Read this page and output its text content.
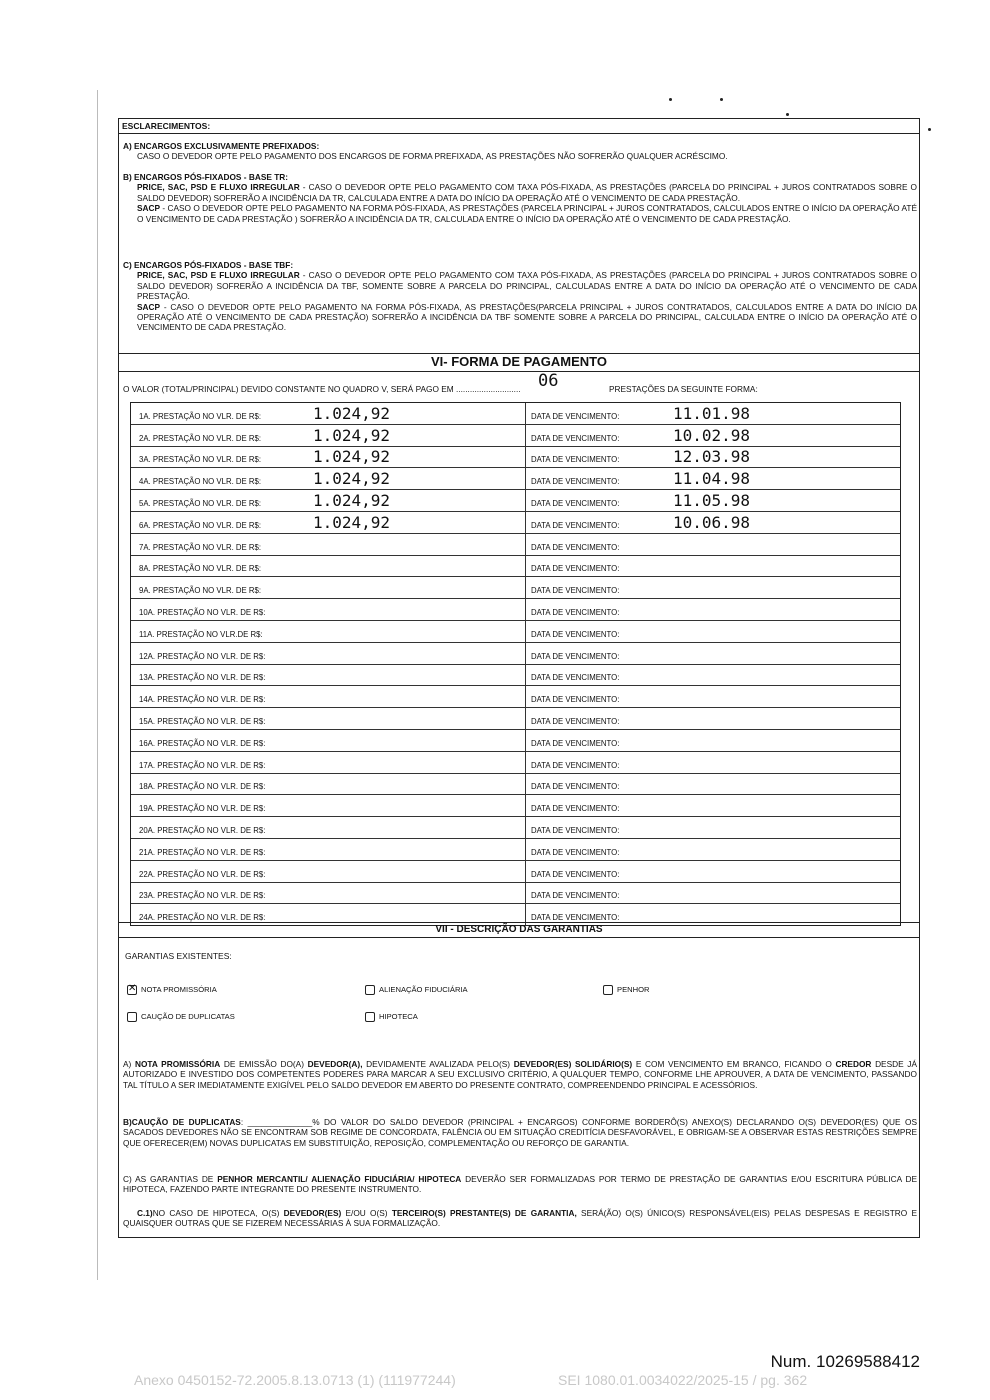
ESCLARECIMENTOS:
A) ENCARGOS EXCLUSIVAMENTE PREFIXADOS:
CASO O DEVEDOR OPTE PELO PAGAMENTO DOS ENCARGOS DE FORMA PREFIXADA, AS PRESTAÇÕES NÃO SOFRERÃO QUALQUER ACRÉSCIMO.
B) ENCARGOS PÓS-FIXADOS - BASE TR:
PRICE, SAC, PSD E FLUXO IRREGULAR - CASO O DEVEDOR OPTE PELO PAGAMENTO COM TAXA PÓS-FIXADA, AS PRESTAÇÕES (PARCELA DO PRINCIPAL + JUROS CONTRATADOS SOBRE O SALDO DEVEDOR) SOFRERÃO A INCIDÊNCIA DA TR, CALCULADA ENTRE A DATA DO INÍCIO DA OPERAÇÃO ATÉ O VENCIMENTO DE CADA PRESTAÇÃO.
SACP - CASO O DEVEDOR OPTE PELO PAGAMENTO NA FORMA PÓS-FIXADA, AS PRESTAÇÕES (PARCELA PRINCIPAL + JUROS CONTRATADOS, CALCULADOS ENTRE O INÍCIO DA OPERAÇÃO ATÉ O VENCIMENTO DE CADA PRESTAÇÃO ) SOFRERÃO A INCIDÊNCIA DA TR, CALCULADA ENTRE O INÍCIO DA OPERAÇÃO ATÉ O VENCIMENTO DE CADA PRESTAÇÃO.
C) ENCARGOS PÓS-FIXADOS - BASE TBF:
PRICE, SAC, PSD E FLUXO IRREGULAR - CASO O DEVEDOR OPTE PELO PAGAMENTO COM TAXA PÓS-FIXADA, AS PRESTAÇÕES (PARCELA DO PRINCIPAL + JUROS CONTRATADOS SOBRE O SALDO DEVEDOR) SOFRERÃO A INCIDÊNCIA DA TBF, SOMENTE SOBRE A PARCELA DO PRINCIPAL, CALCULADAS ENTRE A DATA DO INÍCIO DA OPERAÇÃO ATÉ O VENCIMENTO DE CADA PRESTAÇÃO.
SACP - CASO O DEVEDOR OPTE PELO PAGAMENTO NA FORMA PÓS-FIXADA, AS PRESTAÇÕES(PARCELA PRINCIPAL + JUROS CONTRATADOS, CALCULADOS ENTRE A DATA DO INÍCIO DA OPERAÇÃO ATÉ O VENCIMENTO DE CADA PRESTAÇÃO) SOFRERÃO A INCIDÊNCIA DA TBF SOMENTE SOBRE A PARCELA DO PRINCIPAL, CALCULADA ENTRE O INÍCIO DA OPERAÇÃO ATÉ O VENCIMENTO DE CADA PRESTAÇÃO.
VI- FORMA DE PAGAMENTO
O VALOR (TOTAL/PRINCIPAL) DEVIDO CONSTANTE NO QUADRO V, SERÁ PAGO EM ............................ 06	PRESTAÇÕES DA SEGUINTE FORMA:
1A. PRESTAÇÃO NO VLR. DE R$:	1.024,92	DATA DE VENCIMENTO:	11.01.98
2A. PRESTAÇÃO NO VLR. DE R$:	1.024,92	DATA DE VENCIMENTO:	10.02.98
3A. PRESTAÇÃO NO VLR. DE R$:	1.024,92	DATA DE VENCIMENTO:	12.03.98
4A. PRESTAÇÃO NO VLR. DE R$:	1.024,92	DATA DE VENCIMENTO:	11.04.98
5A. PRESTAÇÃO NO VLR. DE R$:	1.024,92	DATA DE VENCIMENTO:	11.05.98
6A. PRESTAÇÃO NO VLR. DE R$:	1.024,92	DATA DE VENCIMENTO:	10.06.98
7A. PRESTAÇÃO NO VLR. DE R$:	DATA DE VENCIMENTO:
8A. PRESTAÇÃO NO VLR. DE R$:	DATA DE VENCIMENTO:
9A. PRESTAÇÃO NO VLR. DE R$:	DATA DE VENCIMENTO:
10A. PRESTAÇÃO NO VLR. DE R$:	DATA DE VENCIMENTO:
11A. PRESTAÇÃO NO VLR.DE R$:	DATA DE VENCIMENTO:
12A. PRESTAÇÃO NO VLR. DE R$:	DATA DE VENCIMENTO:
13A. PRESTAÇÃO NO VLR. DE R$:	DATA DE VENCIMENTO:
14A. PRESTAÇÃO NO VLR. DE R$:	DATA DE VENCIMENTO:
15A. PRESTAÇÃO NO VLR. DE R$:	DATA DE VENCIMENTO:
16A. PRESTAÇÃO NO VLR. DE R$:	DATA DE VENCIMENTO:
17A. PRESTAÇÃO NO VLR. DE R$:	DATA DE VENCIMENTO:
18A. PRESTAÇÃO NO VLR. DE R$:	DATA DE VENCIMENTO:
19A. PRESTAÇÃO NO VLR. DE R$:	DATA DE VENCIMENTO:
20A. PRESTAÇÃO NO VLR. DE R$:	DATA DE VENCIMENTO:
21A. PRESTAÇÃO NO VLR. DE R$:	DATA DE VENCIMENTO:
22A. PRESTAÇÃO NO VLR. DE R$:	DATA DE VENCIMENTO:
23A. PRESTAÇÃO NO VLR. DE R$:	DATA DE VENCIMENTO:
24A. PRESTAÇÃO NO VLR. DE R$:	DATA DE VENCIMENTO:
VII - DESCRIÇÃO DAS GARANTIAS
GARANTIAS EXISTENTES:
✕NOTA PROMISSÓRIA	ALIENAÇÃO FIDUCIÁRIA	PENHOR
CAUÇÃO DE DUPLICATAS	HIPOTECA
A) NOTA PROMISSÓRIA DE EMISSÃO DO(A) DEVEDOR(A), DEVIDAMENTE AVALIZADA PELO(S) DEVEDOR(ES) SOLIDÁRIO(S) E COM VENCIMENTO EM BRANCO, FICANDO O CREDOR DESDE JÁ AUTORIZADO E INVESTIDO DOS COMPETENTES PODERES PARA MARCAR A SEU EXCLUSIVO CRITÉRIO, A QUALQUER TEMPO, CONFORME LHE APROUVER, A DATA DE VENCIMENTO, PASSANDO TAL TÍTULO A SER IMEDIATAMENTE EXIGÍVEL PELO SALDO DEVEDOR EM ABERTO DO PRESENTE CONTRATO, COMPREENDENDO PRINCIPAL E ACESSÓRIOS.
B)CAUÇÃO DE DUPLICATAS: ______________% DO VALOR DO SALDO DEVEDOR (PRINCIPAL + ENCARGOS) CONFORME BORDERÔ(S) ANEXO(S) DECLARANDO O(S) DEVEDOR(ES) QUE OS SACADOS DEVEDORES NÃO SE ENCONTRAM SOB REGIME DE CONCORDATA, FALÊNCIA OU EM SITUAÇÃO CREDITÍCIA DESFAVORÁVEL, E OBRIGAM-SE A OBSERVAR ESTAS RESTRIÇÕES SEMPRE QUE OFERECER(EM) NOVAS DUPLICATAS EM SUBSTITUIÇÃO, REPOSIÇÃO, COMPLEMENTAÇÃO OU REFORÇO DE GARANTIA.
C) AS GARANTIAS DE PENHOR MERCANTIL/ ALIENAÇÃO FIDUCIÁRIA/ HIPOTECA DEVERÃO SER FORMALIZADAS POR TERMO DE PRESTAÇÃO DE GARANTIAS E/OU ESCRITURA PÚBLICA DE HIPOTECA, FAZENDO PARTE INTEGRANTE DO PRESENTE INSTRUMENTO.
C.1)NO CASO DE HIPOTECA, O(S) DEVEDOR(ES) E/OU O(S) TERCEIRO(S) PRESTANTE(S) DE GARANTIA, SERÁ(ÃO) O(S) ÚNICO(S) RESPONSÁVEL(EIS) PELAS DESPESAS E REGISTRO E QUAISQUER OUTRAS QUE SE FIZEREM NECESSÁRIAS À SUA FORMALIZAÇÃO.
Num. 10269588412
Anexo 0450152-72.2005.8.13.0713 (1) (111977244)	SEI 1080.01.0034022/2025-15 / pg. 362
